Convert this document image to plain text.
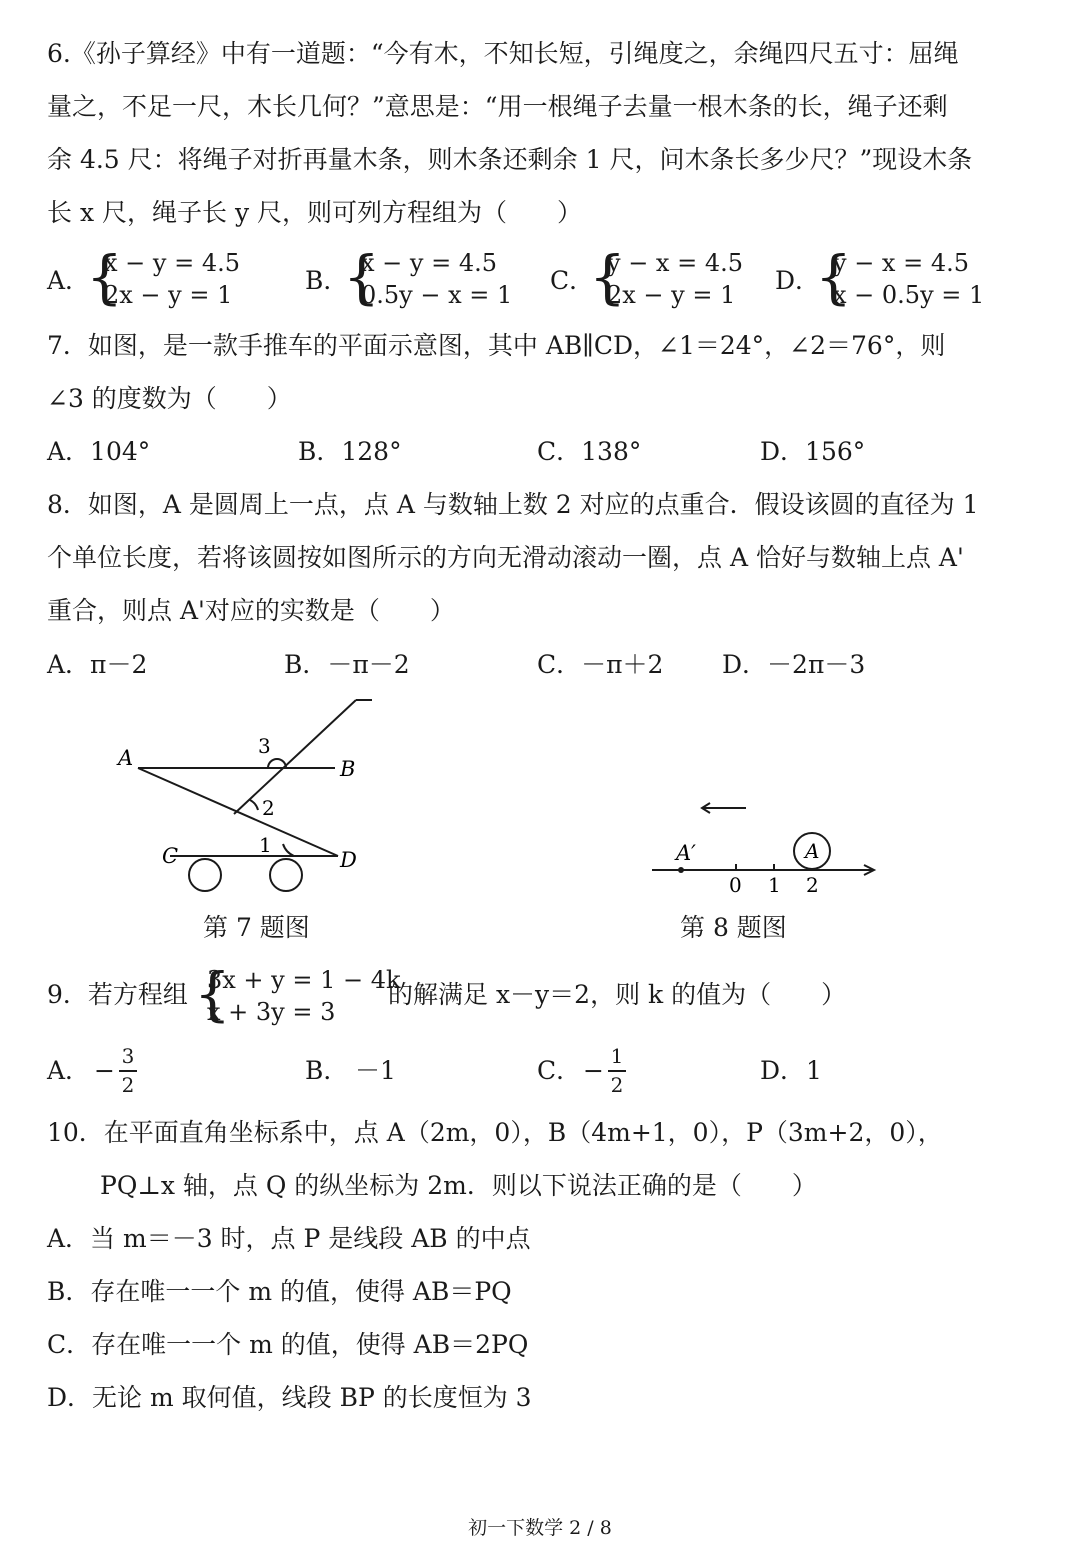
6.《孙子算经》中有一道题：“今有木，不知长短，引绳度之，余绳四尺五寸：屈绳
量之，不足一尺，木长几何？”意思是：“用一根绳子去量一根木条的长，绳子还剩
余 4.5 尺：将绳子对折再量木条，则木条还剩余 1 尺，问木条长多少尺？”现设木条
长 x 尺，绳子长 y 尺，则可列方程组为（　　）
A．
{
x − y = 4.5
2x − y = 1	B．
{
x − y = 4.5
0.5y − x = 1 C．
{
y − x = 4.5
2x − y = 1 D．
{
y − x = 4.5
x − 0.5y = 1
7．如图，是一款手推车的平面示意图，其中 AB∥CD，∠1＝24°，∠2＝76°，则
∠3 的度数为（　　）
A．104°	B．128°	C．138°	D．156°
8．如图，A 是圆周上一点，点 A 与数轴上数 2 对应的点重合．假设该圆的直径为 1
个单位长度，若将该圆按如图所示的方向无滑动滚动一圈，点 A 恰好与数轴上点 A'
重合，则点 A'对应的实数是（　　）
A．π－2	B．－π－2	C．－π＋2 D．－2π－3
A	B
C	D
3
2
1
第 7 题图
A′	A
0 1 2
第 8 题图
9．若方程组 {
3x + y = 1 − 4k
x + 3y = 3
的解满足 x－y＝2，则 k 的值为（　　）
A． − 3
2	B． －1	C． − 1
2	D． 1
10．在平面直角坐标系中，点 A（2m，0），B（4m+1，0），P（3m+2，0），
PQ⊥x 轴，点 Q 的纵坐标为 2m．则以下说法正确的是（　　）
A．当 m＝－3 时，点 P 是线段 AB 的中点
B．存在唯一一个 m 的值，使得 AB＝PQ
C．存在唯一一个 m 的值，使得 AB＝2PQ
D．无论 m 取何值，线段 BP 的长度恒为 3
初一下数学 2 / 8
